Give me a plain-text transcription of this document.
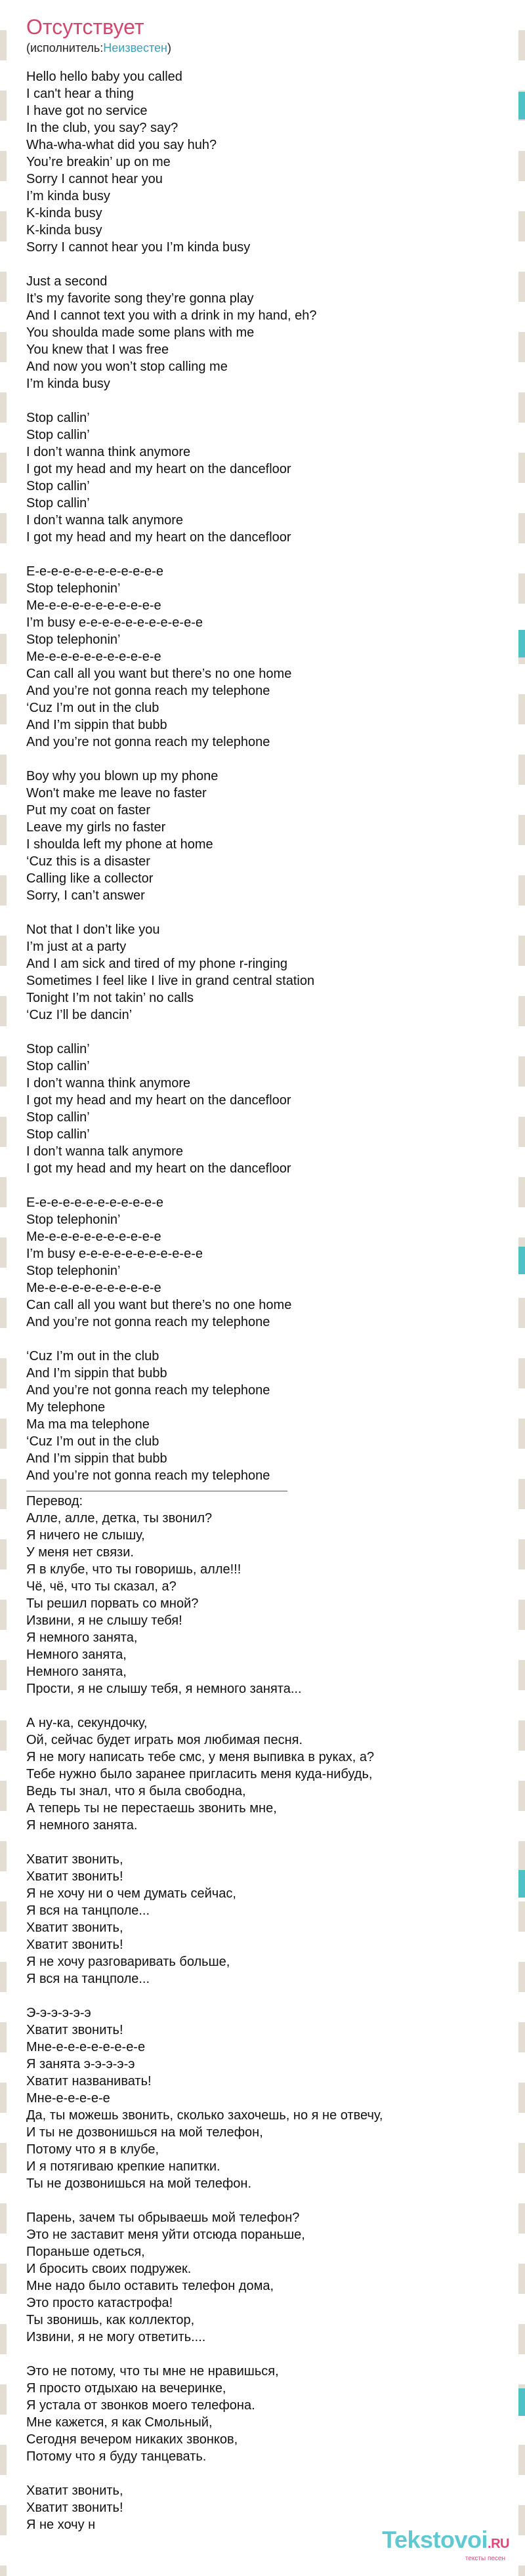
Отсутствует
(исполнитель:Неизвестен)
Hello hello baby you called
I can't hear a thing
I have got no service
In the club, you say? say?
Wha-wha-what did you say huh?
You’re breakin’ up on me
Sorry I cannot hear you
I’m kinda busy
K-kinda busy
K-kinda busy
Sorry I cannot hear you I’m kinda busy
Just a second
It’s my favorite song they’re gonna play
And I cannot text you with a drink in my hand, eh?
You shoulda made some plans with me
You knew that I was free
And now you won’t stop calling me
I’m kinda busy
Stop callin’
Stop callin’
I don’t wanna think anymore
I got my head and my heart on the dancefloor
Stop callin’
Stop callin’
I don’t wanna talk anymore
I got my head and my heart on the dancefloor
E-e-e-e-e-e-e-e-e-e-e-e
Stop telephonin’
Me-e-e-e-e-e-e-e-e-e-e
I’m busy e-e-e-e-e-e-e-e-e-e-e
Stop telephonin’
Me-e-e-e-e-e-e-e-e-e-e
Can call all you want but there’s no one home
And you’re not gonna reach my telephone
‘Cuz I’m out in the club
And I’m sippin that bubb
And you’re not gonna reach my telephone
Boy why you blown up my phone
Won't make me leave no faster
Put my coat on faster
Leave my girls no faster
I shoulda left my phone at home
‘Cuz this is a disaster
Calling like a collector
Sorry, I can’t answer
Not that I don’t like you
I’m just at a party
And I am sick and tired of my phone r-ringing
Sometimes I feel like I live in grand central station
Tonight I’m not takin’ no calls
‘Cuz I’ll be dancin’
Stop callin’
Stop callin’
I don’t wanna think anymore
I got my head and my heart on the dancefloor
Stop callin’
Stop callin’
I don’t wanna talk anymore
I got my head and my heart on the dancefloor
E-e-e-e-e-e-e-e-e-e-e-e
Stop telephonin’
Me-e-e-e-e-e-e-e-e-e-e
I’m busy e-e-e-e-e-e-e-e-e-e-e
Stop telephonin’
Me-e-e-e-e-e-e-e-e-e-e
Can call all you want but there’s no one home
And you’re not gonna reach my telephone
‘Cuz I’m out in the club
And I’m sippin that bubb
And you’re not gonna reach my telephone
My telephone
Ma ma ma telephone
‘Cuz I’m out in the club
And I’m sippin that bubb
And you’re not gonna reach my telephone
Перевод:
Алле, алле, детка, ты звонил?
Я ничего не слышу,
У меня нет связи.
Я в клубе, что ты говоришь, алле!!!
Чё, чё, что ты сказал, а?
Ты решил порвать со мной?
Извини, я не слышу тебя!
Я немного занята,
Немного занята,
Немного занята,
Прости, я не слышу тебя, я немного занята...
А ну-ка, секундочку,
Ой, сейчас будет играть моя любимая песня.
Я не могу написать тебе смс, у меня выпивка в руках, а?
Тебе нужно было заранее пригласить меня куда-нибудь,
Ведь ты знал, что я была свободна,
А теперь ты не перестаешь звонить мне,
Я немного занята.
Хватит звонить,
Хватит звонить!
Я не хочу ни о чем думать сейчас,
Я вся на танцполе...
Хватит звонить,
Хватит звонить!
Я не хочу разговаривать больше,
Я вся на танцполе...
Э-э-э-э-э-э
Хватит звонить!
Мне-е-е-е-е-е-е-е-е
Я занята э-э-э-э-э
Хватит названивать!
Мне-е-е-е-е-е
Да, ты можешь звонить, сколько захочешь, но я не отвечу,
И ты не дозвонишься на мой телефон,
Потому что я в клубе,
И я потягиваю крепкие напитки.
Ты не дозвонишься на мой телефон.
Парень, зачем ты обрываешь мой телефон?
Это не заставит меня уйти отсюда пораньше,
Пораньше одеться,
И бросить своих подружек.
Мне надо было оставить телефон дома,
Это просто катастрофа!
Ты звонишь, как коллектор,
Извини, я не могу ответить....
Это не потому, что ты мне не нравишься,
Я просто отдыхаю на вечеринке,
Я устала от звонков моего телефона.
Мне кажется, я как Смольный,
Сегодня вечером никаких звонков,
Потому что я буду танцевать.
Хватит звонить,
Хватит звонить!
Я не хочу н
Tekstovoi.RU
тексты песен
